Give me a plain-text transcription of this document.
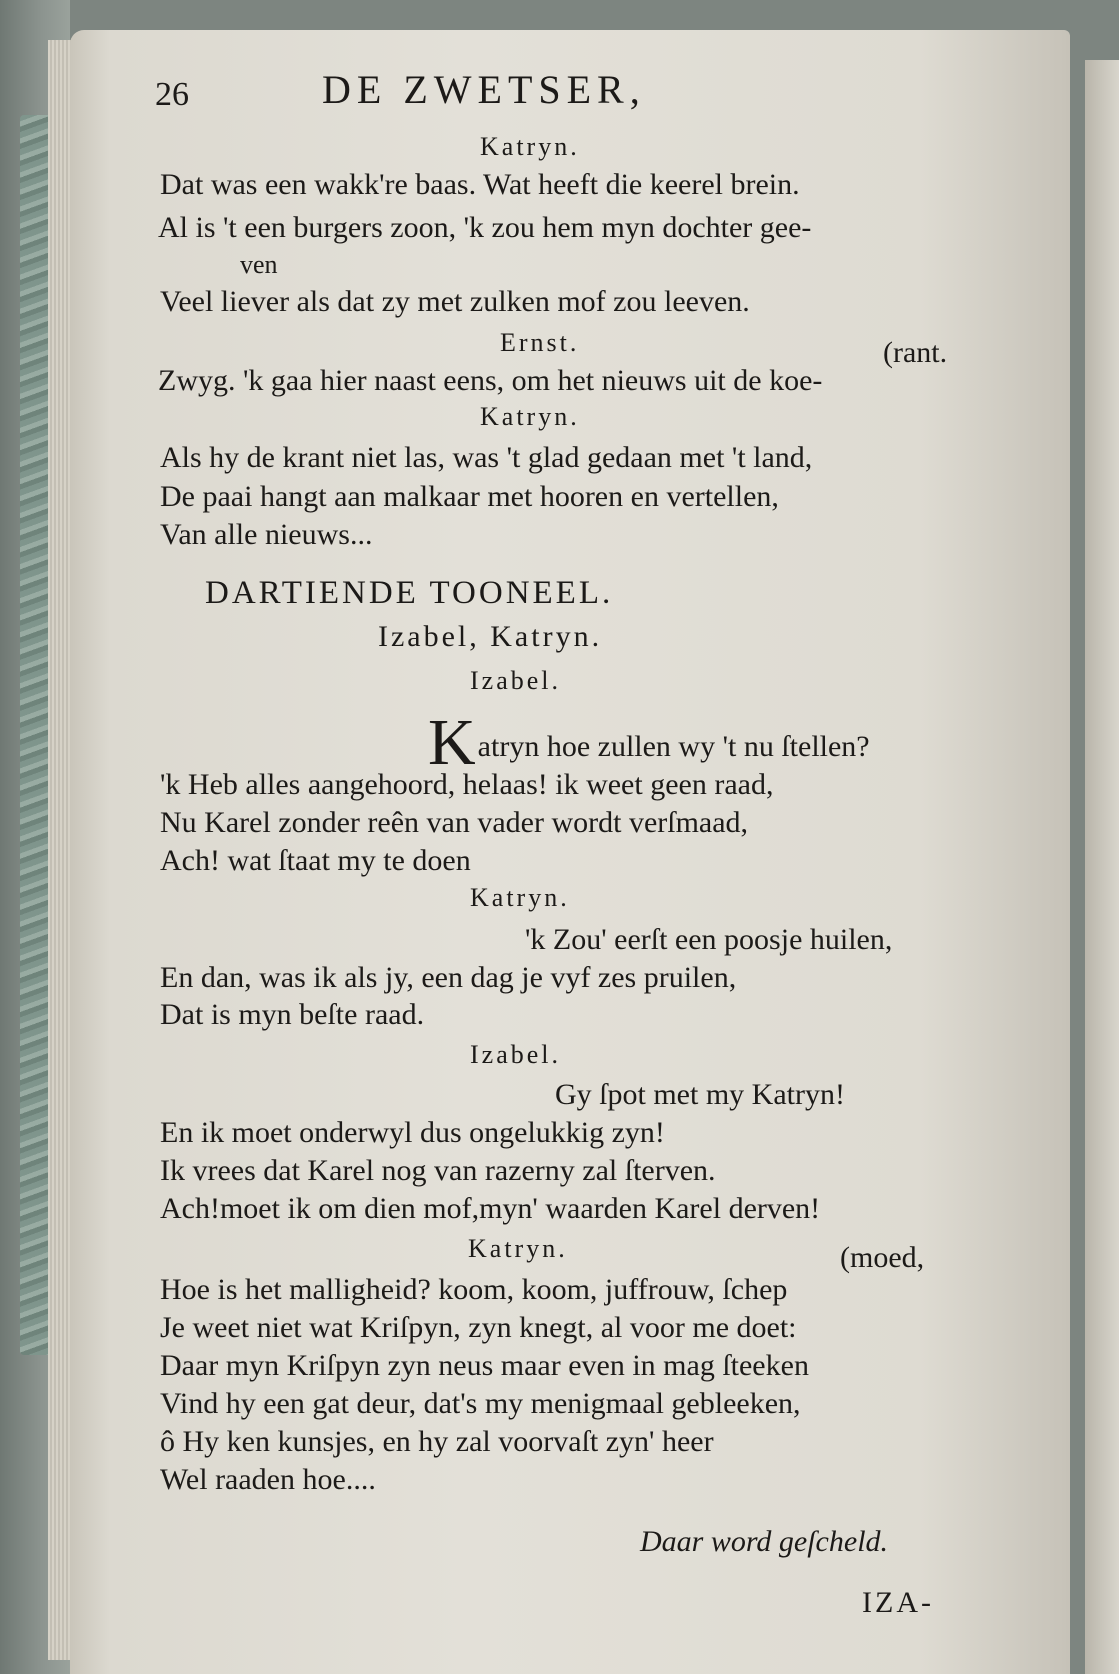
26	DE ZWETSER,
Katryn.
Dat was een wakk're baas. Wat heeft die keerel brein.
Al is 't een burgers zoon, 'k zou hem myn dochter gee-
ven
Veel liever als dat zy met zulken mof zou leeven.
Ernst.	(rant.
Zwyg. 'k gaa hier naast eens, om het nieuws uit de koe-
Katryn.
Als hy de krant niet las, was 't glad gedaan met 't land,
De paai hangt aan malkaar met hooren en vertellen,
Van alle nieuws...
DARTIENDE TOONEEL.
Izabel, Katryn.
Izabel.
Katryn hoe zullen wy 't nu ſtellen?
'k Heb alles aangehoord, helaas! ik weet geen raad,
Nu Karel zonder reên van vader wordt verſmaad,
Ach! wat ſtaat my te doen
Katryn.
'k Zou' eerſt een poosje huilen,
En dan, was ik als jy, een dag je vyf zes pruilen,
Dat is myn beſte raad.
Izabel.
Gy ſpot met my Katryn!
En ik moet onderwyl dus ongelukkig zyn!
Ik vrees dat Karel nog van razerny zal ſterven.
Ach!moet ik om dien mof,myn' waarden Karel derven!
Katryn.	(moed,
Hoe is het malligheid? koom, koom, juffrouw, ſchep
Je weet niet wat Kriſpyn, zyn knegt, al voor me doet:
Daar myn Kriſpyn zyn neus maar even in mag ſteeken
Vind hy een gat deur, dat's my menigmaal gebleeken,
ô Hy ken kunsjes, en hy zal voorvaſt zyn' heer
Wel raaden hoe....
Daar word geſcheld.
IZA-
